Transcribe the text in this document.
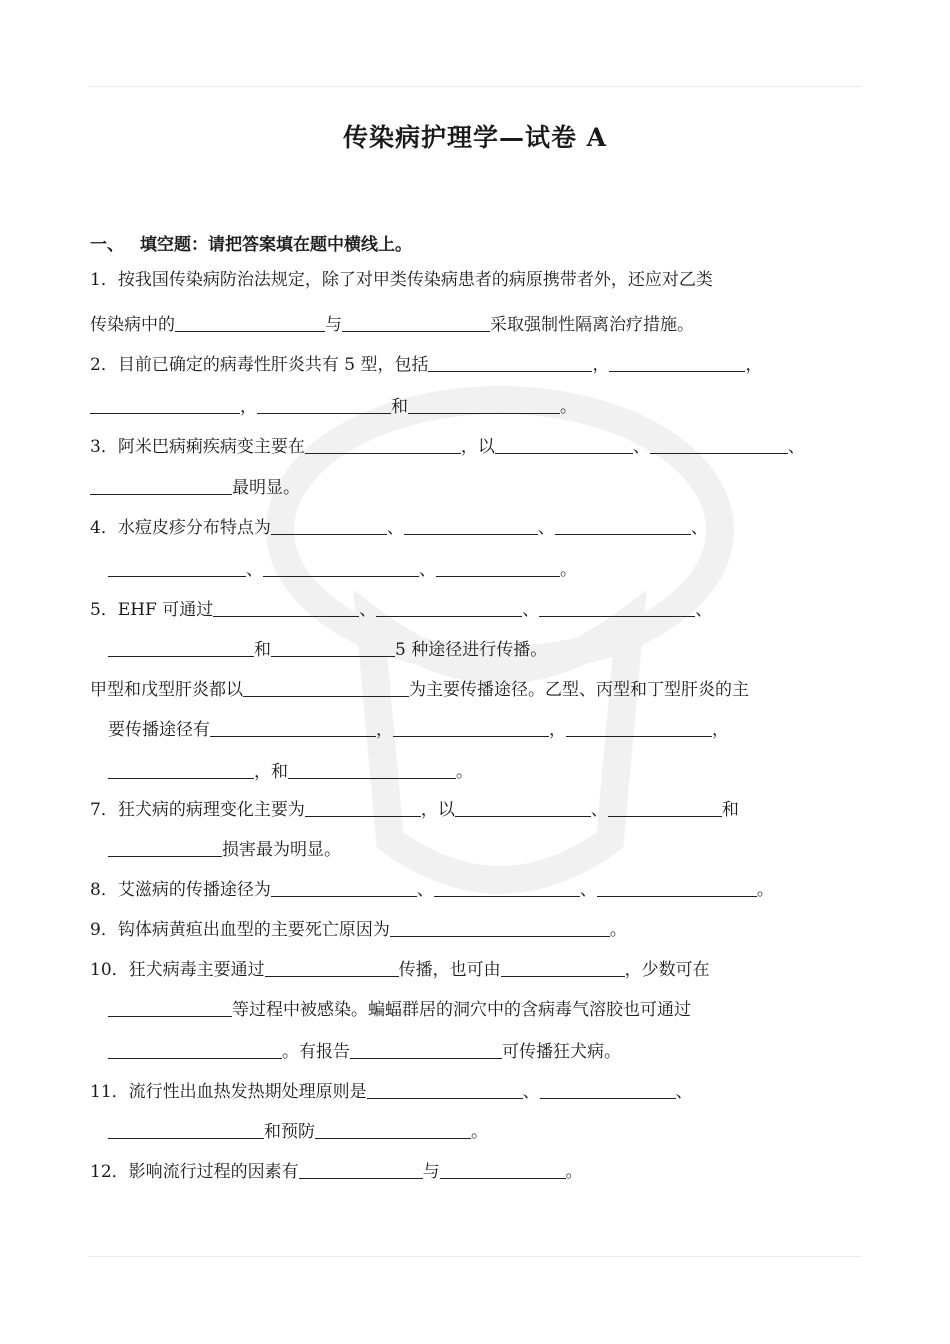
传染病护理学—试卷 A
一、 填空题：请把答案填在题中横线上。
1．按我国传染病防治法规定，除了对甲类传染病患者的病原携带者外，还应对乙类
传染病中的	与	采取强制性隔离治疗措施。
2．目前已确定的病毒性肝炎共有 5 型，包括	，	，
，	和	。
3．阿米巴病痢疾病变主要在	，以	、	、
最明显。
4．水痘皮疹分布特点为	、	、	、
、	、	。
5．EHF 可通过	、	、	、
和	5 种途径进行传播。
甲型和戊型肝炎都以	为主要传播途径。乙型、丙型和丁型肝炎的主
要传播途径有	，	，	，
，和	。
7．狂犬病的病理变化主要为	，以	、	和
损害最为明显。
8．艾滋病的传播途径为	、	、	。
9．钩体病黄疸出血型的主要死亡原因为	。
10．狂犬病毒主要通过	传播，也可由	，少数可在
等过程中被感染。蝙蝠群居的洞穴中的含病毒气溶胶也可通过
。有报告	可传播狂犬病。
11．流行性出血热发热期处理原则是	、	、
和预防	。
12．影响流行过程的因素有	与	。
